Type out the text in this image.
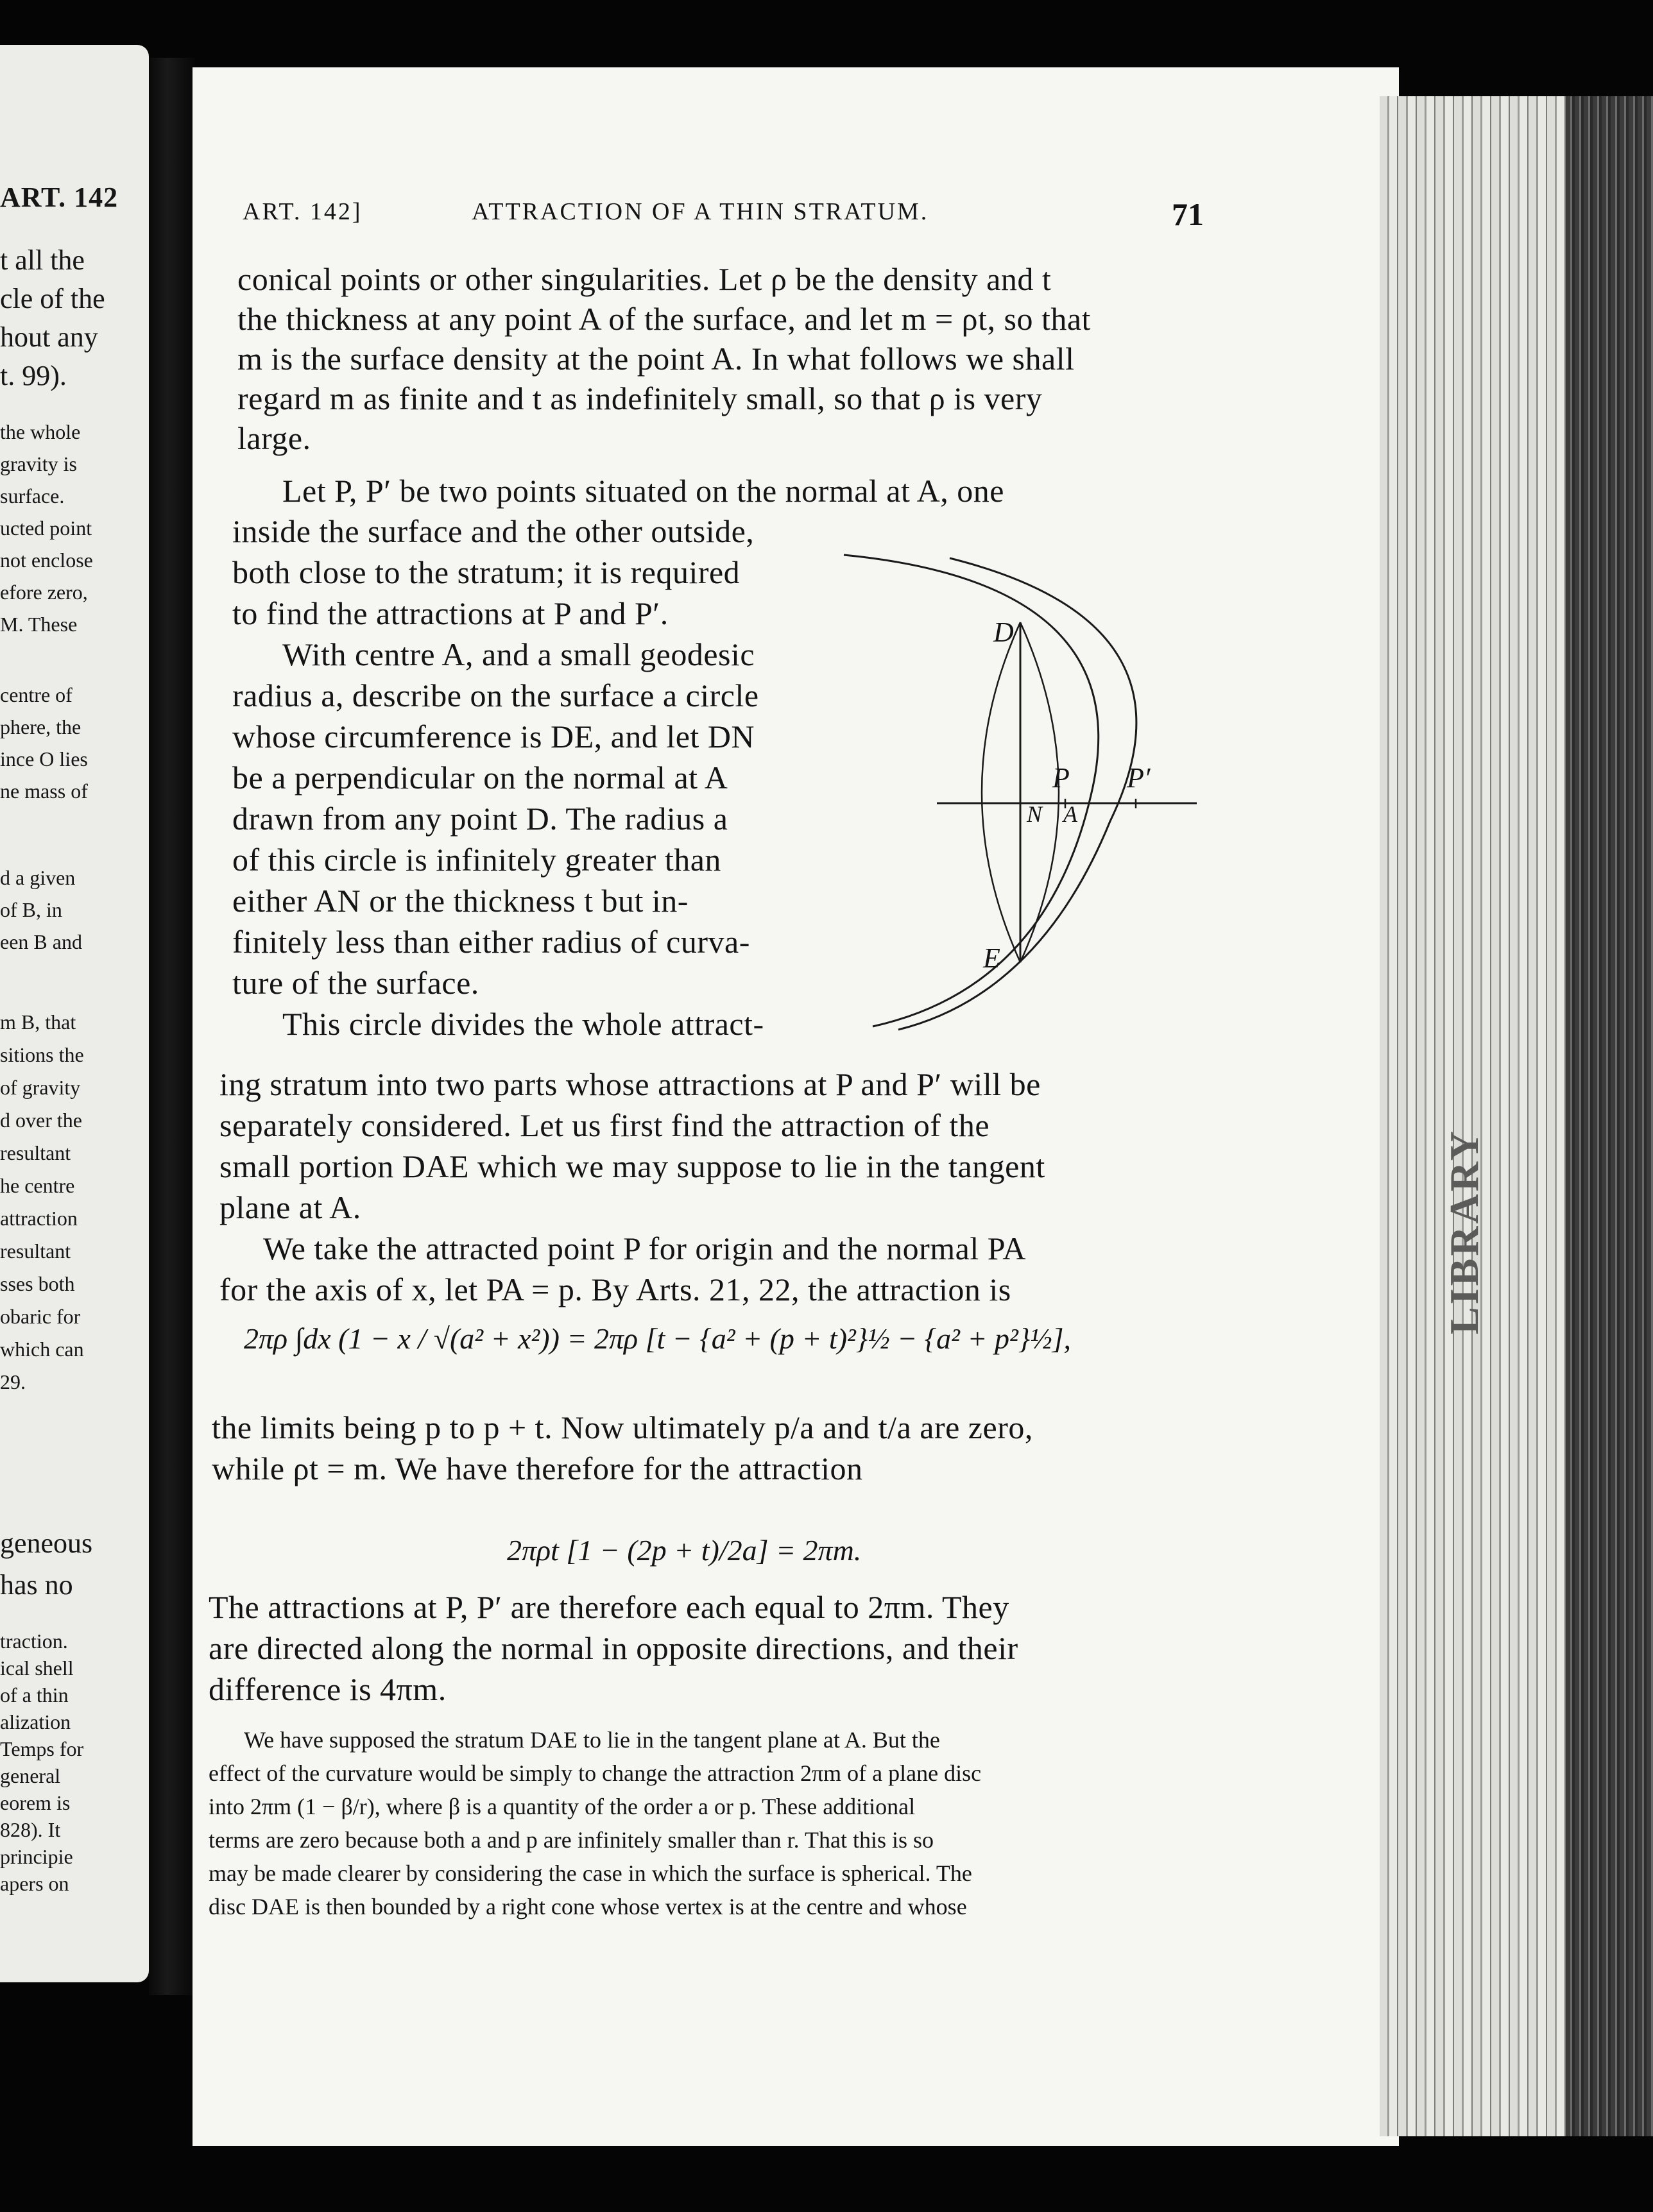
ART. 142
t all the
cle of the
hout any
t. 99).
the whole
gravity is
surface.
ucted point
not enclose
efore zero,
M. These
centre of
phere, the
ince O lies
ne mass of
d a given
of B, in
een B and
m B, that
sitions the
of gravity
d over the
resultant
he centre
attraction
resultant
sses both
obaric for
which can
29.
geneous
has no
traction.
ical shell
of a thin
alization
Temps for
general
eorem is
828). It
principie
apers on
ART. 142]	ATTRACTION OF A THIN STRATUM.	71
conical points or other singularities. Let ρ be the density and t
the thickness at any point A of the surface, and let m = ρt, so that
m is the surface density at the point A. In what follows we shall
regard m as finite and t as indefinitely small, so that ρ is very
large.
Let P, P′ be two points situated on the normal at A, one
inside the surface and the other outside,
both close to the stratum; it is required
to find the attractions at P and P′.
With centre A, and a small geodesic
radius a, describe on the surface a circle
whose circumference is DE, and let DN
be a perpendicular on the normal at A
drawn from any point D. The radius a
of this circle is infinitely greater than
either AN or the thickness t but in-
finitely less than either radius of curva-
ture of the surface.
This circle divides the whole attract-
ing stratum into two parts whose attractions at P and P′ will be
separately considered. Let us first find the attraction of the
small portion DAE which we may suppose to lie in the tangent
plane at A.
We take the attracted point P for origin and the normal PA
for the axis of x, let PA = p. By Arts. 21, 22, the attraction is
2πρ ∫dx (1 − x / √(a² + x²)) = 2πρ [t − {a² + (p + t)²}½ − {a² + p²}½],
the limits being p to p + t. Now ultimately p/a and t/a are zero,
while ρt = m. We have therefore for the attraction
2πρt [1 − (2p + t)/2a] = 2πm.
The attractions at P, P′ are therefore each equal to 2πm. They
are directed along the normal in opposite directions, and their
difference is 4πm.
We have supposed the stratum DAE to lie in the tangent plane at A. But the
effect of the curvature would be simply to change the attraction 2πm of a plane disc
into 2πm (1 − β/r), where β is a quantity of the order a or p. These additional
terms are zero because both a and p are infinitely smaller than r. That this is so
may be made clearer by considering the case in which the surface is spherical. The
disc DAE is then bounded by a right cone whose vertex is at the centre and whose
D
P P′
N A
E
LIBRARY
